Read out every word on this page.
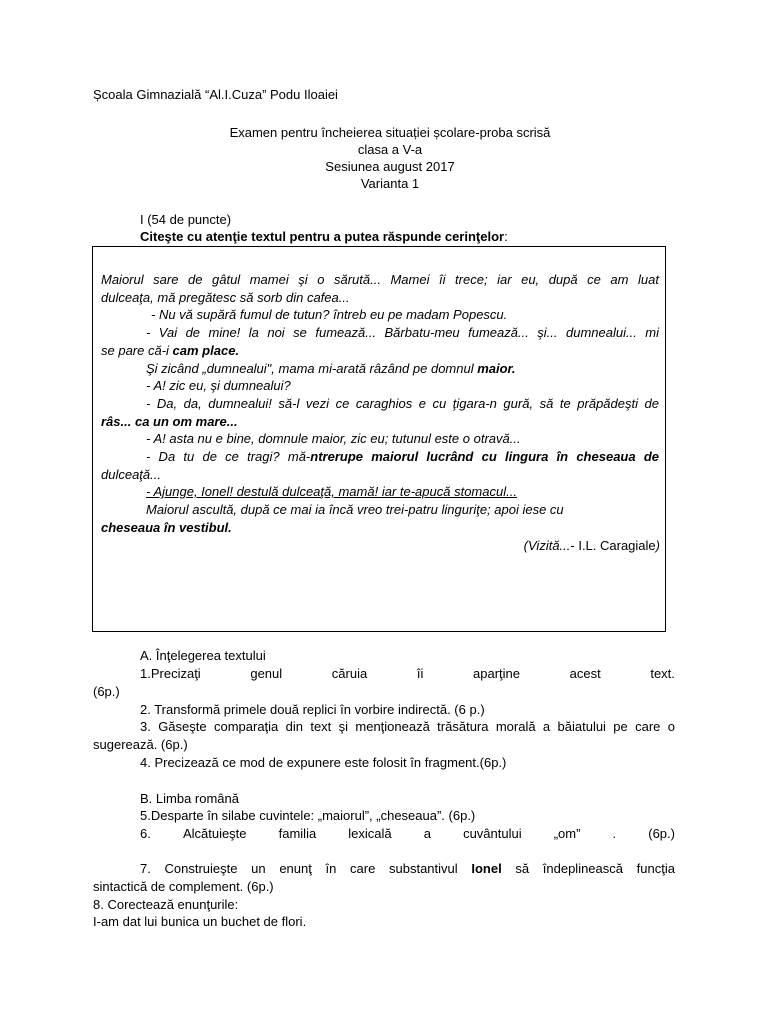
Școala Gimnazială “Al.I.Cuza” Podu Iloaiei
Examen pentru încheierea situației școlare-proba scrisă
clasa a V-a
Sesiunea august 2017
Varianta 1
I (54 de puncte)
Citeşte cu atenţie textul pentru a putea răspunde cerinţelor:
Maiorul sare de gâtul mamei şi o sărută... Mamei îi trece; iar eu, după ce am luat
dulceaţa, mă pregătesc să sorb din cafea...
- Nu vă supără fumul de tutun? întreb eu pe madam Popescu.
- Vai de mine! la noi se fumează... Bărbatu-meu fumează... şi... dumnealui... mi
se pare că-i cam place.
Şi zicând „dumnealui", mama mi-arată râzând pe domnul maior.
- A! zic eu, şi dumnealui?
- Da, da, dumnealui! să-l vezi ce caraghios e cu ţigara-n gură, să te prăpădeşti de
râs... ca un om mare...
- A! asta nu e bine, domnule maior, zic eu; tutunul este o otravă...
- Da tu de ce tragi? mă-ntrerupe maiorul lucrând cu lingura în cheseaua de
dulceaţă...
- Ajunge, Ionel! destulă dulceaţă, mamă! iar te-apucă stomacul...
Maiorul ascultă, după ce mai ia încă vreo trei-patru linguriţe; apoi iese cu
cheseaua în vestibul.
(Vizită...- I.L. Caragiale)
A. Înţelegerea textului
1.Precizaţi	genul	căruia	îi	aparţine	acest	text.
(6p.)
2. Transformă primele două replici în vorbire indirectă. (6 p.)
3. Găseşte comparaţia din text şi menţionează trăsătura morală a băiatului pe care o
sugerează. (6p.)
4. Precizează ce mod de expunere este folosit în fragment.(6p.)
B. Limba română
5.Desparte în silabe cuvintele: „maiorul”, „cheseaua”. (6p.)
6. Alcătuieşte familia lexicală a cuvântului „om” . (6p.)
7. Construieşte un enunţ în care substantivul Ionel să îndeplinească funcţia
sintactică de complement. (6p.)
8. Corectează enunţurile:
I-am dat lui bunica un buchet de flori.
